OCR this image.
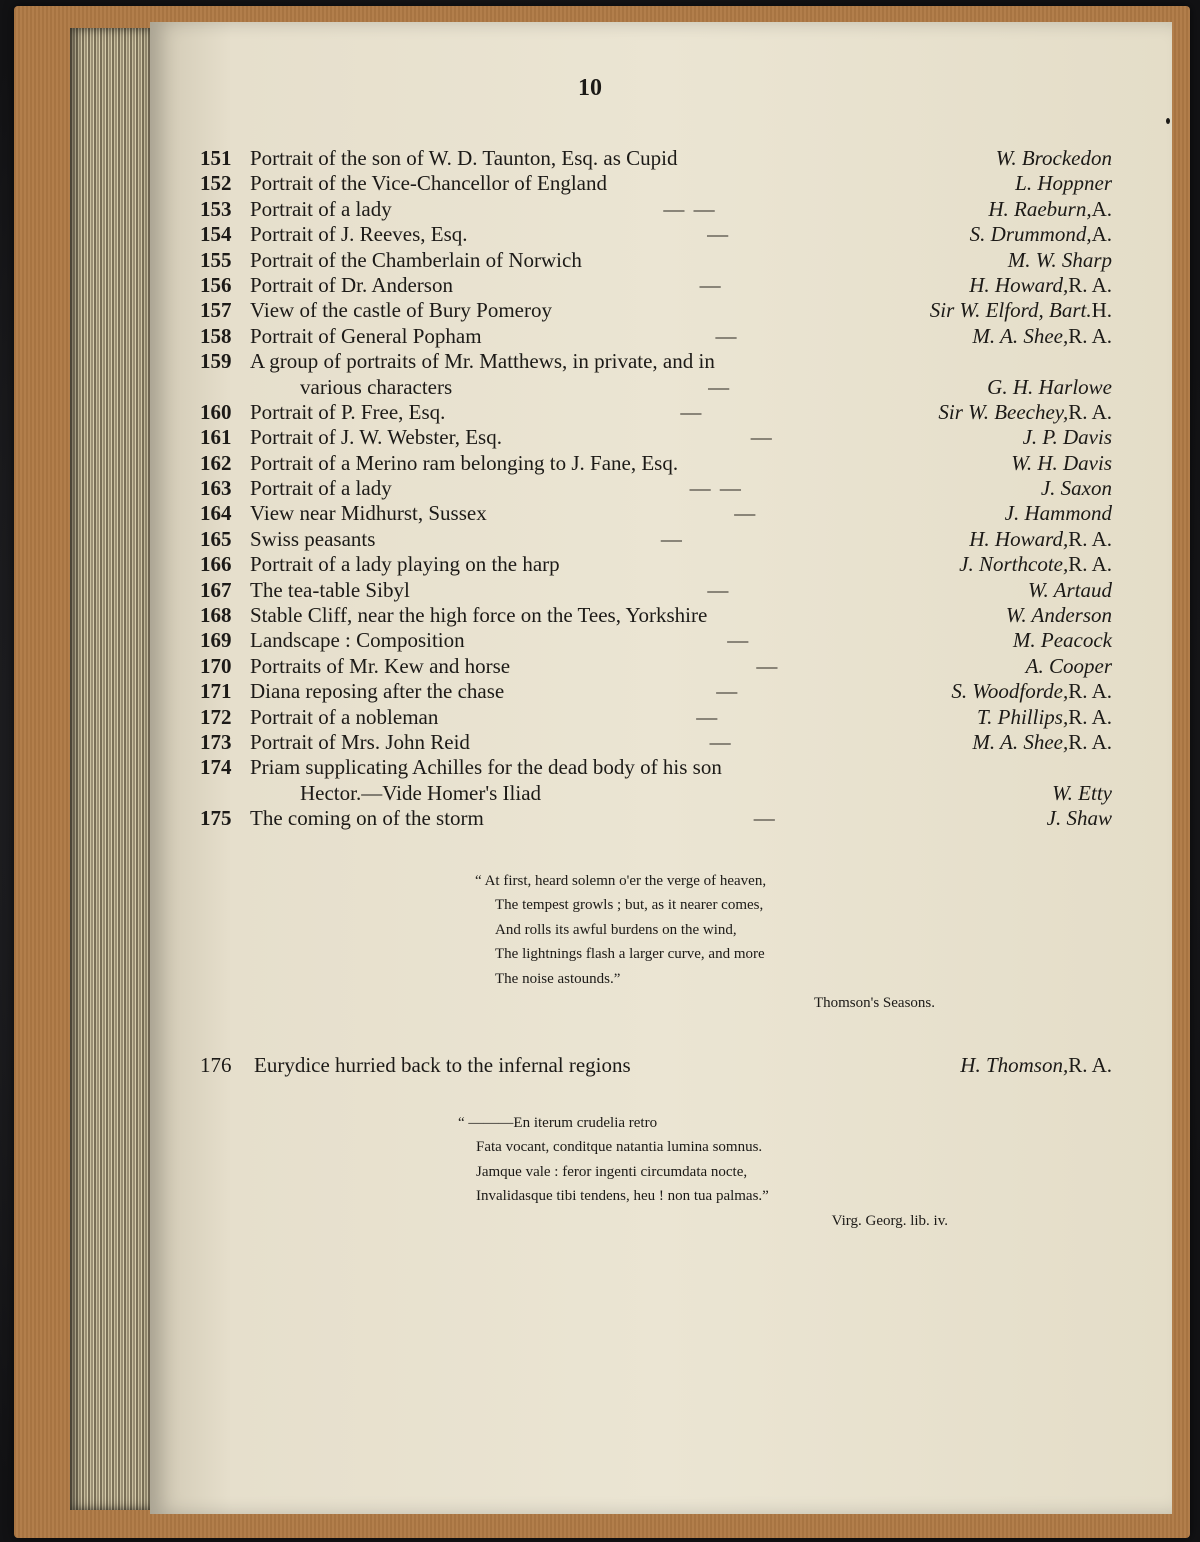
10
151 Portrait of the son of W. D. Taunton, Esq. as Cupid	W. Brockedon
152 Portrait of the Vice-Chancellor of England	L. Hoppner
153 Portrait of a lady	— —	H. Raeburn, A.
154 Portrait of J. Reeves, Esq.	—	S. Drummond, A.
155 Portrait of the Chamberlain of Norwich	M. W. Sharp
156 Portrait of Dr. Anderson	—	H. Howard, R. A.
157 View of the castle of Bury Pomeroy	Sir W. Elford, Bart. H.
158 Portrait of General Popham	—	M. A. Shee, R. A.
159 A group of portraits of Mr. Matthews, in private, and in
various characters	—	G. H. Harlowe
160 Portrait of P. Free, Esq.	—	Sir W. Beechey, R. A.
161 Portrait of J. W. Webster, Esq.	—	J. P. Davis
162 Portrait of a Merino ram belonging to J. Fane, Esq.	W. H. Davis
163 Portrait of a lady	— —	J. Saxon
164 View near Midhurst, Sussex	—	J. Hammond
165 Swiss peasants	—	H. Howard, R. A.
166 Portrait of a lady playing on the harp	J. Northcote, R. A.
167 The tea-table Sibyl	—	W. Artaud
168 Stable Cliff, near the high force on the Tees, Yorkshire	W. Anderson
169 Landscape : Composition	—	M. Peacock
170 Portraits of Mr. Kew and horse	—	A. Cooper
171 Diana reposing after the chase	—	S. Woodforde, R. A.
172 Portrait of a nobleman	—	T. Phillips, R. A.
173 Portrait of Mrs. John Reid	—	M. A. Shee, R. A.
174 Priam supplicating Achilles for the dead body of his son
Hector.—Vide Homer's Iliad	W. Etty
175 The coming on of the storm	—	J. Shaw
“ At first, heard solemn o'er the verge of heaven,
The tempest growls ; but, as it nearer comes,
And rolls its awful burdens on the wind,
The lightnings flash a larger curve, and more
The noise astounds.”
Thomson's Seasons.
176	Eurydice hurried back to the infernal regions	H. Thomson, R. A.
“ ———En iterum crudelia retro
Fata vocant, conditque natantia lumina somnus.
Jamque vale : feror ingenti circumdata nocte,
Invalidasque tibi tendens, heu ! non tua palmas.”
Virg. Georg. lib. iv.
